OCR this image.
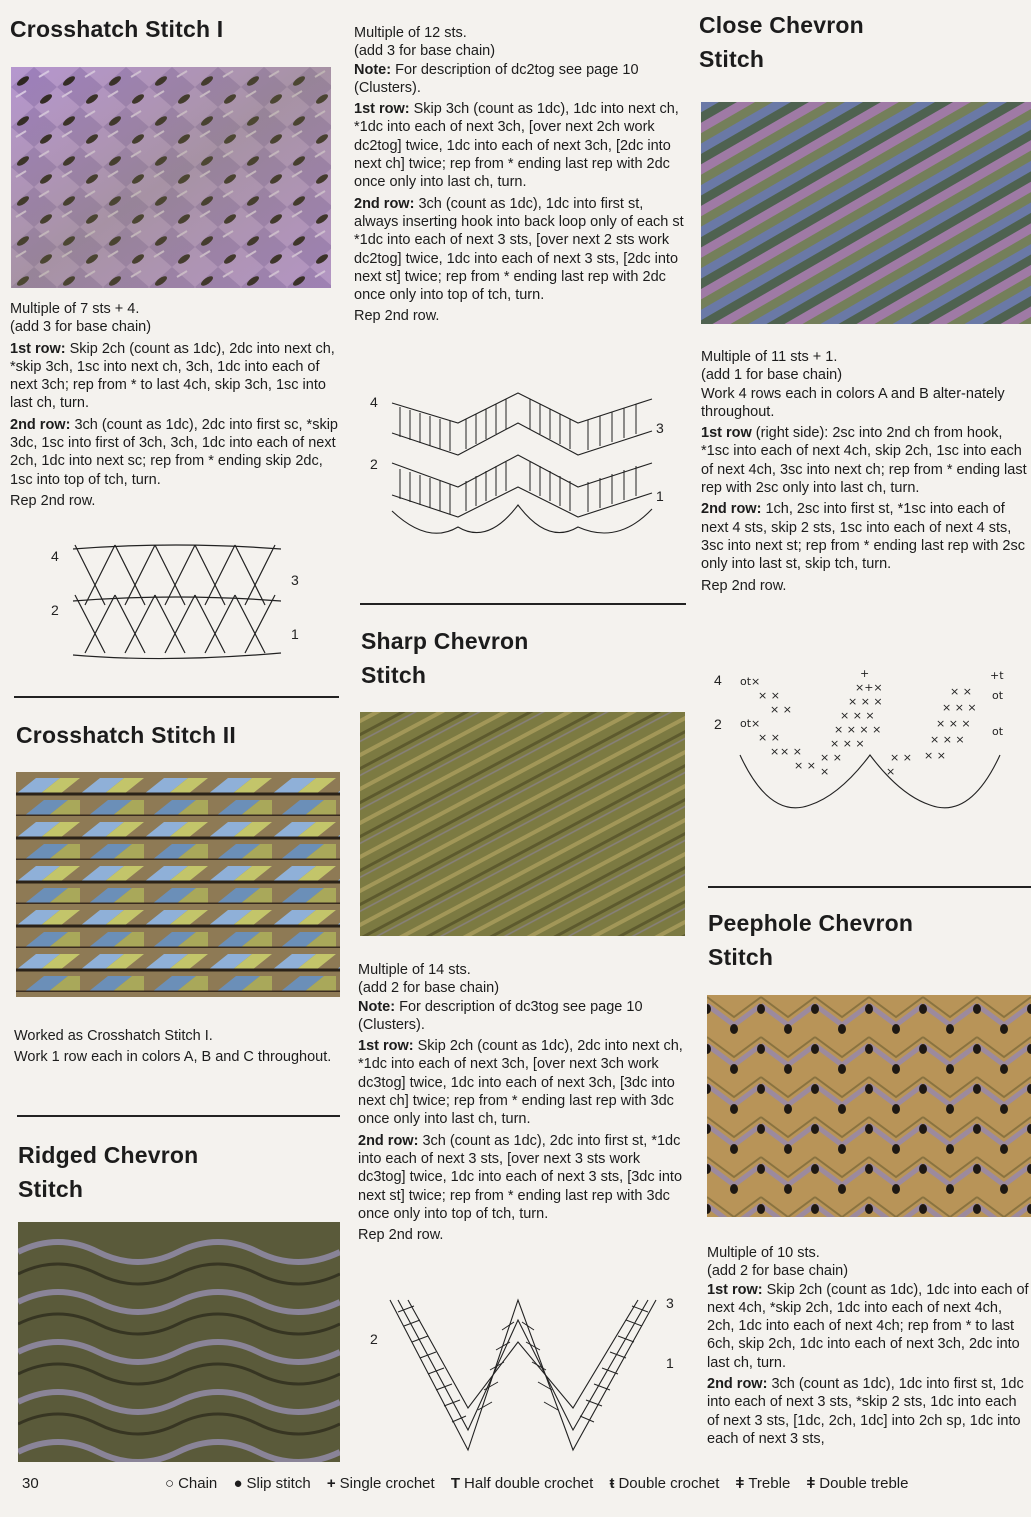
Crosshatch Stitch I

Multiple of 7 sts + 4.
(add 3 for base chain)

1st row: Skip 2ch (count as 1dc), 2dc into next ch, *skip 3ch, 1sc into next ch, 3ch, 1dc into each of next 3ch; rep from * to last 4ch, skip 3ch, 1sc into last ch, turn.

2nd row: 3ch (count as 1dc), 2dc into first sc, *skip 3dc, 1sc into first of 3ch, 3ch, 1dc into each of next 2ch, 1dc into next sc; rep from * ending skip 2dc, 1sc into top of tch, turn.

Rep 2nd row.

4
3
2
1
Crosshatch Stitch II

Worked as Crosshatch Stitch I.

Work 1 row each in colors A, B and C throughout.

Ridged Chevron
Stitch

Multiple of 12 sts.
(add 3 for base chain)
Note: For description of dc2tog see page 10 (Clusters).

1st row: Skip 3ch (count as 1dc), 1dc into next ch, *1dc into each of next 3ch, [over next 2ch work dc2tog] twice, 1dc into each of next 3ch, [2dc into next ch] twice; rep from * ending last rep with 2dc once only into last ch, turn.

2nd row: 3ch (count as 1dc), 1dc into first st, always inserting hook into back loop only of each st *1dc into each of next 3 sts, [over next 2 sts work dc2tog] twice, 1dc into each of next 3 sts, [2dc into next st] twice; rep from * ending last rep with 2dc once only into top of tch, turn.

Rep 2nd row.

4
3
2
1
Sharp Chevron
Stitch

Multiple of 14 sts.
(add 2 for base chain)
Note: For description of dc3tog see page 10 (Clusters).

1st row: Skip 2ch (count as 1dc), 2dc into next ch, *1dc into each of next 3ch, [over next 3ch work dc3tog] twice, 1dc into each of next 3ch, [3dc into next ch] twice; rep from * ending last rep with 3dc once only into last ch, turn.

2nd row: 3ch (count as 1dc), 2dc into first st, *1dc into each of next 3 sts, [over next 3 sts work dc3tog] twice, 1dc into each of next 3 sts, [3dc into next st] twice; rep from * ending last rep with 3dc once only into top of tch, turn.

Rep 2nd row.

3
2
1
Close Chevron
Stitch

Multiple of 11 sts + 1.
(add 1 for base chain)
Work 4 rows each in colors A and B alter-nately throughout.

1st row (right side): 2sc into 2nd ch from hook, *1sc into each of next 4ch, skip 2ch, 1sc into each of next 4ch, 3sc into next ch; rep from * ending last rep with 2sc only into last ch, turn.

2nd row: 1ch, 2sc into first st, *1sc into each of next 4 sts, skip 2 sts, 1sc into each of next 4 sts, 3sc into next st; rep from * ending last rep with 2sc only into last st, skip tch, turn.

Rep 2nd row.

4
2
ot×
ot×
× ×
× ×
× ×
× ×
× ×
×
+
×+×
× × ×
× × ×
× × × ×
× × ×
× ×
×
× ×
×
× ×
× × ×
× × ×
× × ×
× ×
+t
ot
ot
Peephole Chevron
Stitch

Multiple of 10 sts.
(add 2 for base chain)
1st row: Skip 2ch (count as 1dc), 1dc into each of next 4ch, *skip 2ch, 1dc into each of next 4ch, 2ch, 1dc into each of next 4ch; rep from * to last 6ch, skip 2ch, 1dc into each of next 3ch, 2dc into last ch, turn.

2nd row: 3ch (count as 1dc), 1dc into first st, 1dc into each of next 3 sts, *skip 2 sts, 1dc into each of next 3 sts, [1dc, 2ch, 1dc] into 2ch sp, 1dc into each of next 3 sts,

30	○ Chain ● Slip stitch + Single crochet T Half double crochet ŧ Double crochet ǂ Treble ǂ Double treble
